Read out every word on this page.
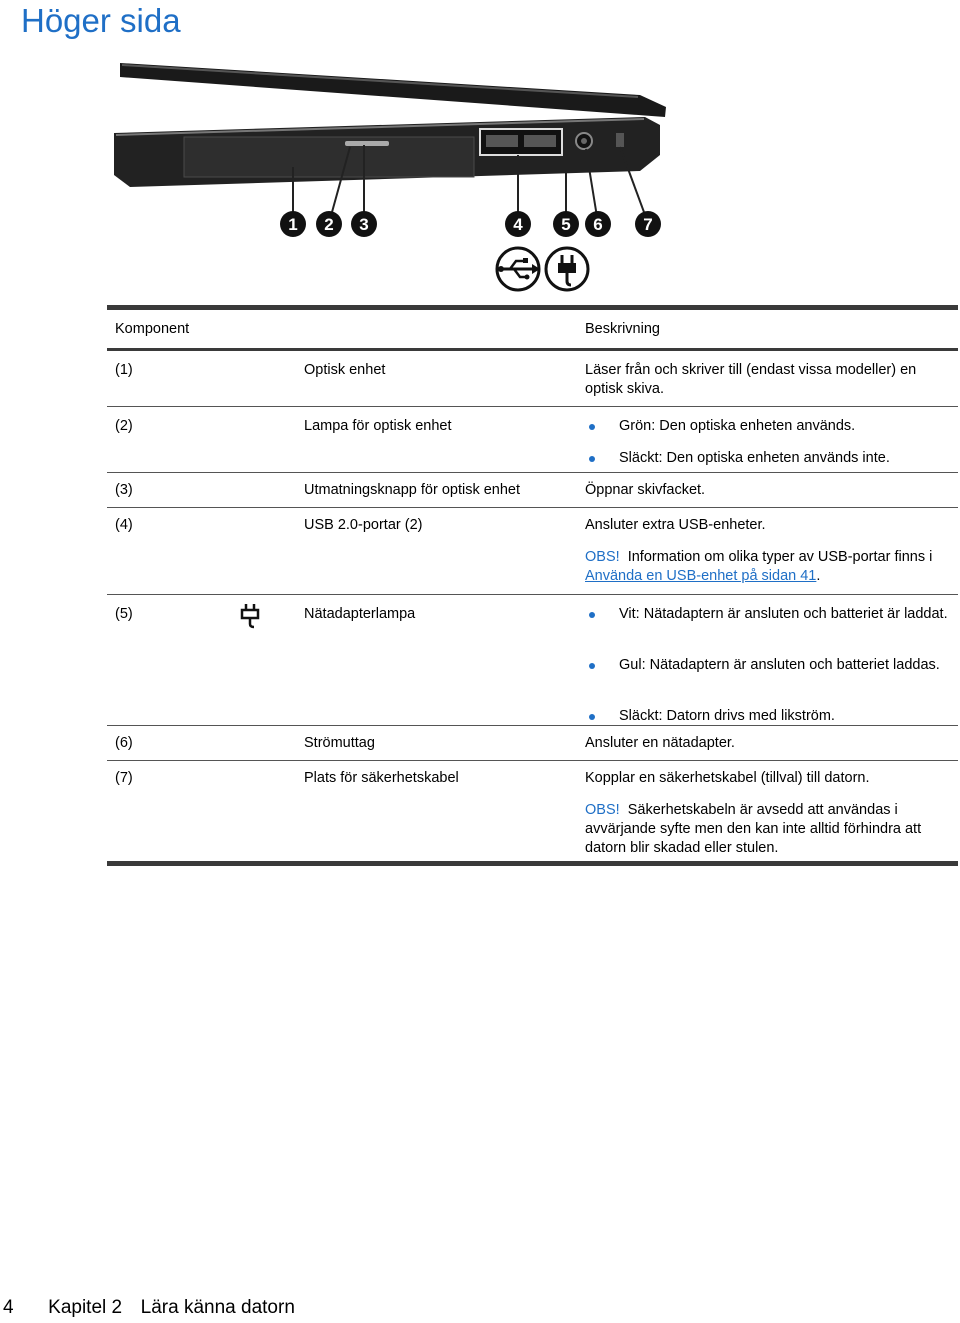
Höger sida
1 2 3	4 5 6 7
Komponent	Beskrivning
(1)	Optisk enhet	Läser från och skriver till (endast vissa modeller) en optisk skiva.
(2)	Lampa för optisk enhet	Grön: Den optiska enheten används.
Släckt: Den optiska enheten används inte.
(3)	Utmatningsknapp för optisk enhet	Öppnar skivfacket.
(4)	USB 2.0-portar (2)	Ansluter extra USB-enheter.
OBS! Information om olika typer av USB-portar finns i Använda en USB-enhet på sidan 41.
(5)	Nätadapterlampa	Vit: Nätadaptern är ansluten och batteriet är laddat.
Gul: Nätadaptern är ansluten och batteriet laddas.
Släckt: Datorn drivs med likström.
(6)	Strömuttag	Ansluter en nätadapter.
(7)	Plats för säkerhetskabel	Kopplar en säkerhetskabel (tillval) till datorn.
OBS! Säkerhetskabeln är avsedd att användas i avvärjande syfte men den kan inte alltid förhindra att datorn blir skadad eller stulen.
4 Kapitel 2 Lära känna datorn
